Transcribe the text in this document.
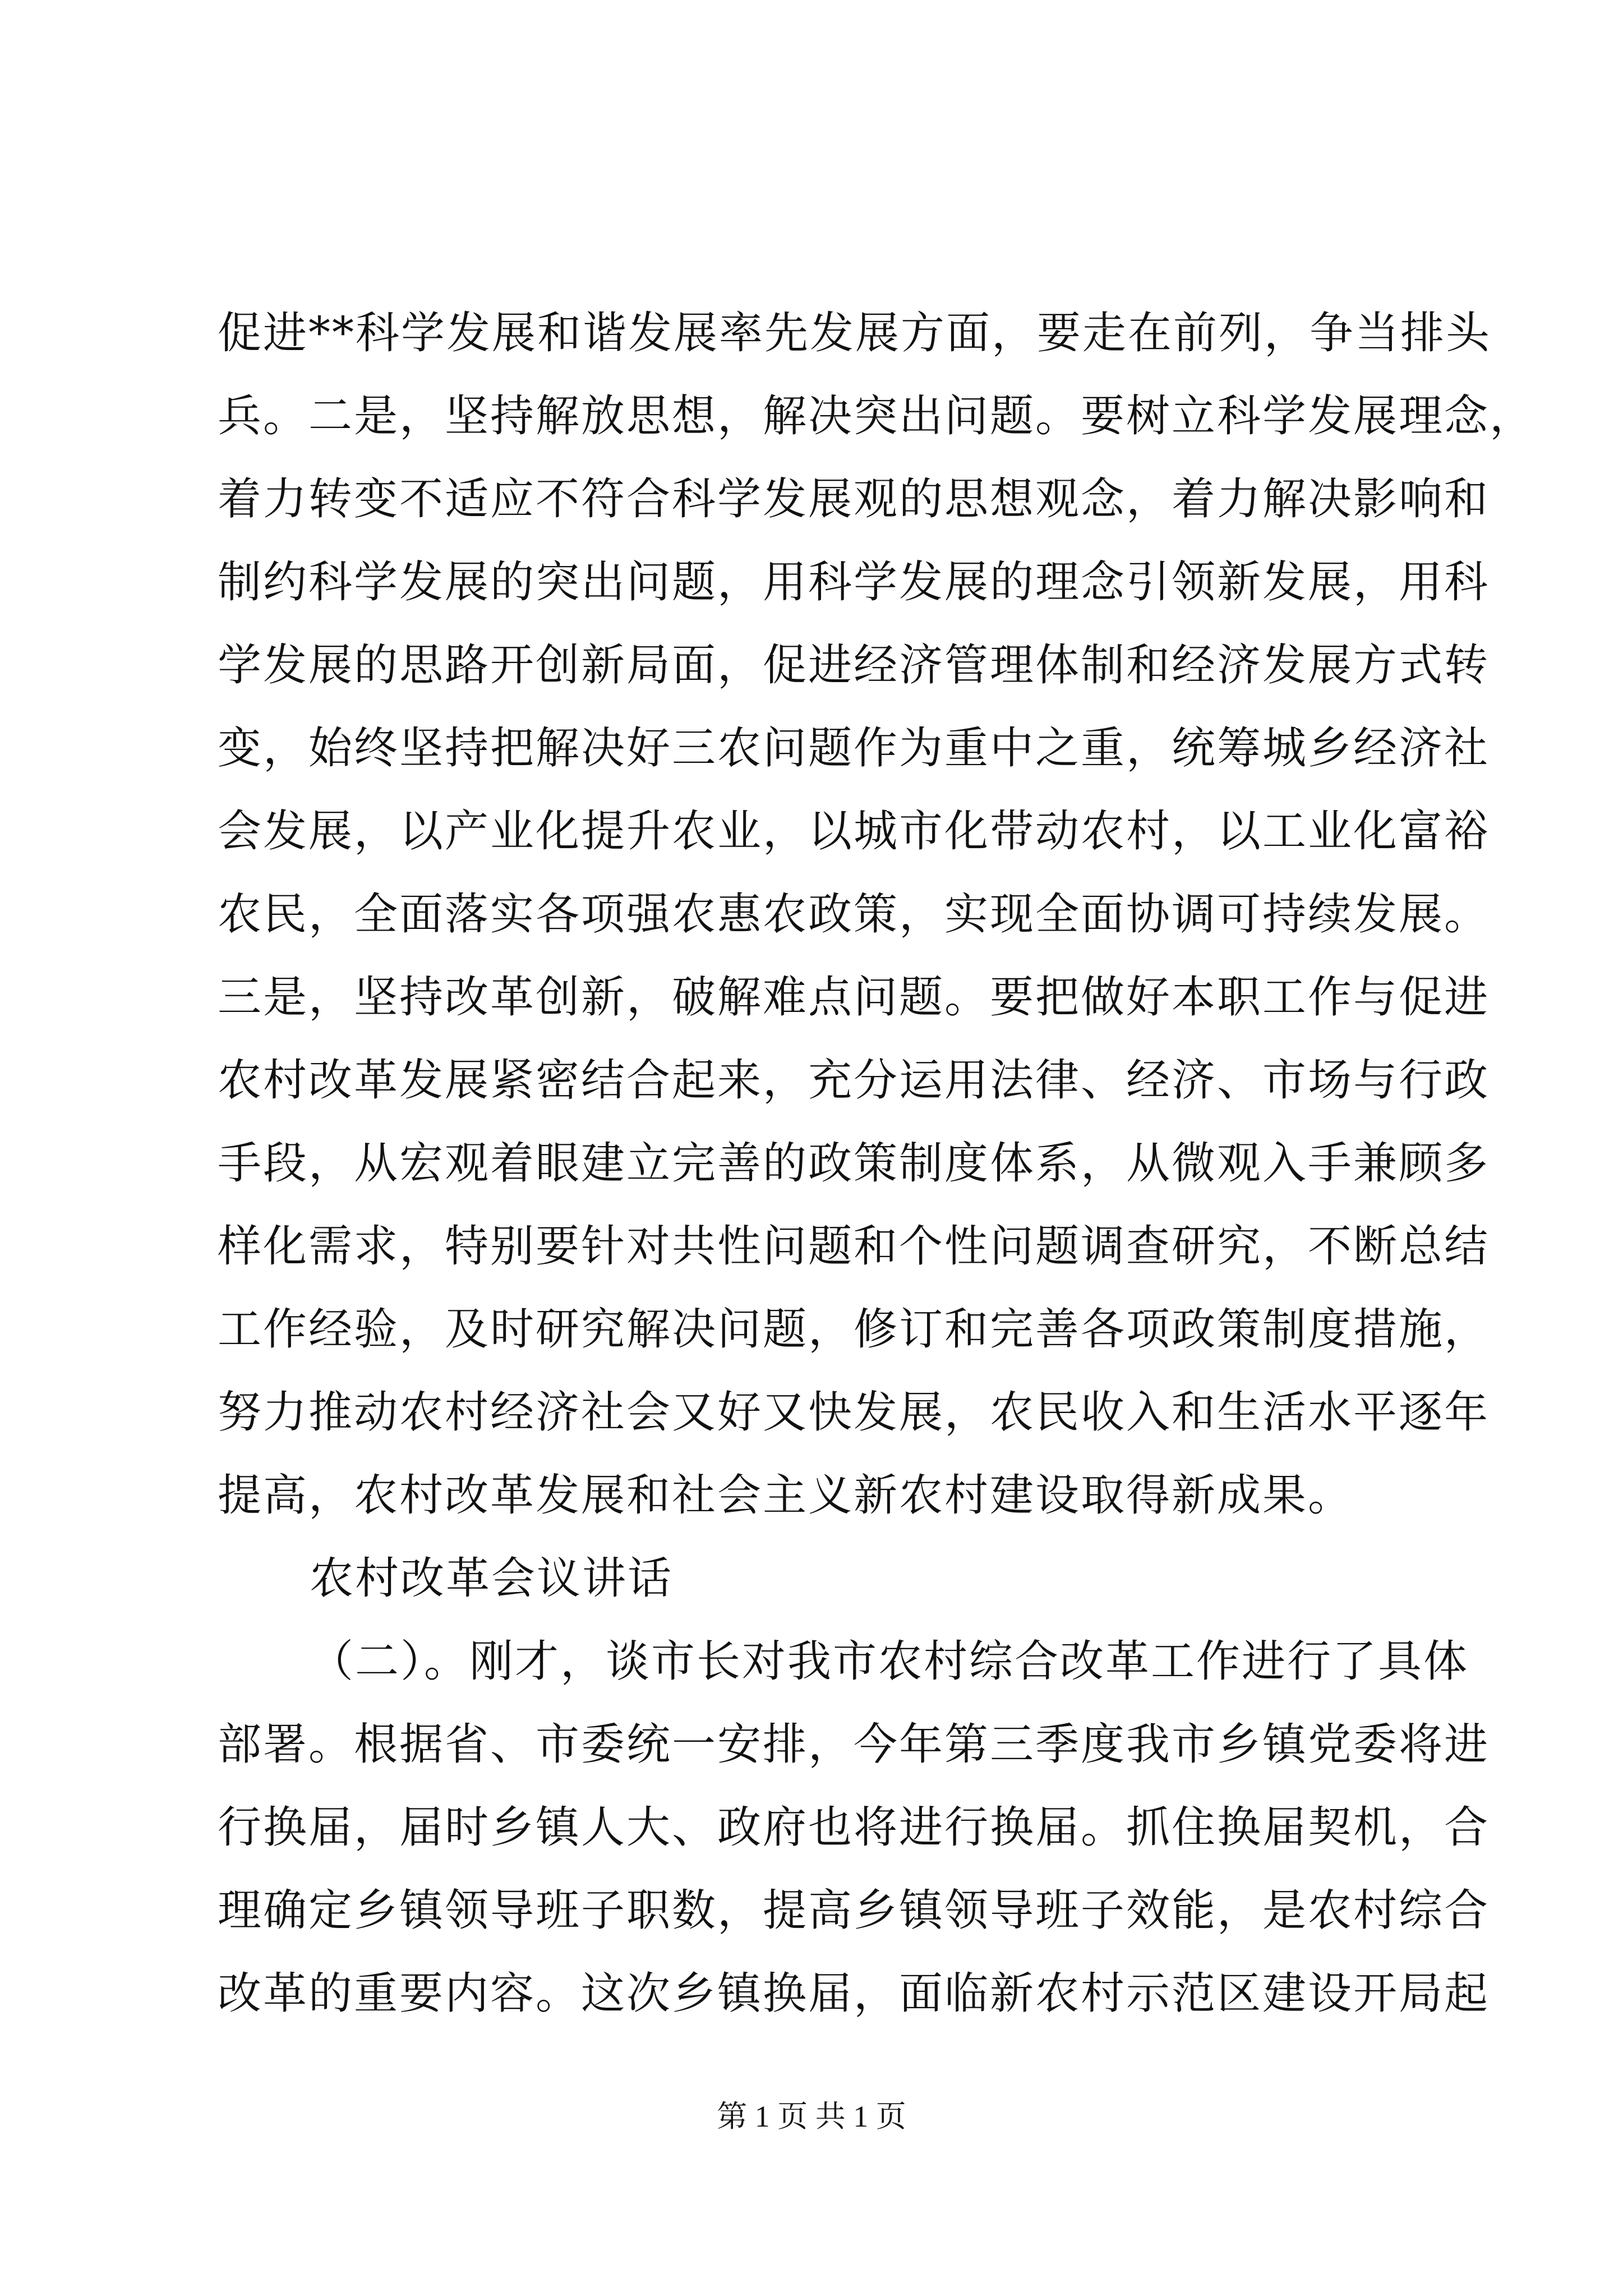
促进**科学发展和谐发展率先发展方面，要走在前列，争当排头
兵。二是，坚持解放思想，解决突出问题。要树立科学发展理念，
着力转变不适应不符合科学发展观的思想观念，着力解决影响和
制约科学发展的突出问题，用科学发展的理念引领新发展，用科
学发展的思路开创新局面，促进经济管理体制和经济发展方式转
变，始终坚持把解决好三农问题作为重中之重，统筹城乡经济社
会发展，以产业化提升农业，以城市化带动农村，以工业化富裕
农民，全面落实各项强农惠农政策，实现全面协调可持续发展。
三是，坚持改革创新，破解难点问题。要把做好本职工作与促进
农村改革发展紧密结合起来，充分运用法律、经济、市场与行政
手段，从宏观着眼建立完善的政策制度体系，从微观入手兼顾多
样化需求，特别要针对共性问题和个性问题调查研究，不断总结
工作经验，及时研究解决问题，修订和完善各项政策制度措施，
努力推动农村经济社会又好又快发展，农民收入和生活水平逐年
提高，农村改革发展和社会主义新农村建设取得新成果。
农村改革会议讲话
（二）。刚才，谈市长对我市农村综合改革工作进行了具体
部署。根据省、市委统一安排，今年第三季度我市乡镇党委将进
行换届，届时乡镇人大、政府也将进行换届。抓住换届契机，合
理确定乡镇领导班子职数，提高乡镇领导班子效能，是农村综合
改革的重要内容。这次乡镇换届，面临新农村示范区建设开局起
第 1 页 共 1 页
